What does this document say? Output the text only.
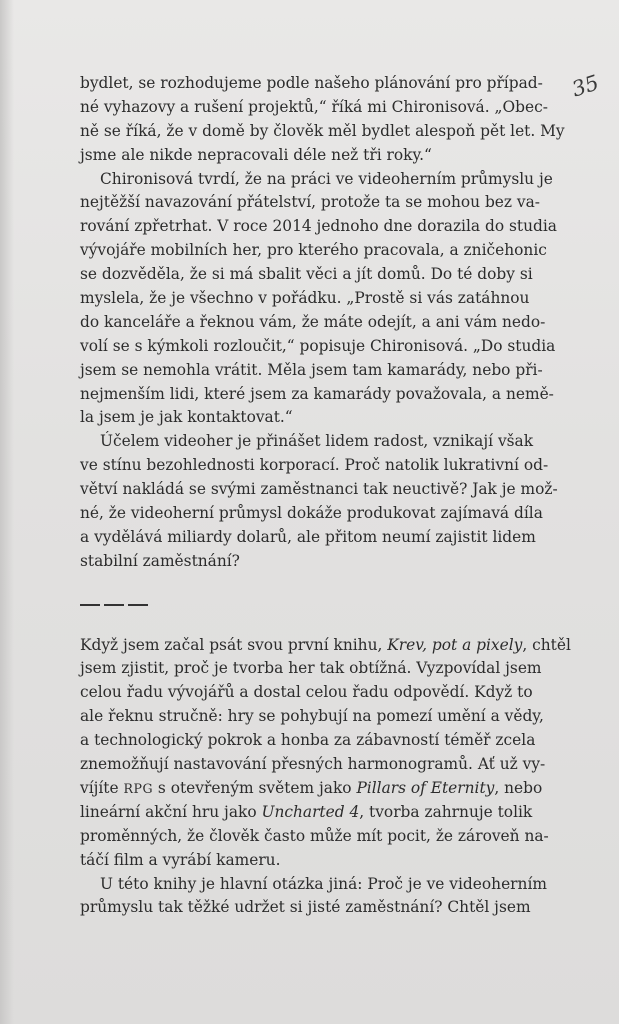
35
bydlet, se rozhodujeme podle našeho plánování pro případ-
né vyhazovy a rušení projektů,“ říká mi Chironisová. „Obec-
ně se říká, že v domě by člověk měl bydlet alespoň pět let. My
jsme ale nikde nepracovali déle než tři roky.“
Chironisová tvrdí, že na práci ve videoherním průmyslu je
nejtěžší navazování přátelství, protože ta se mohou bez va-
rování zpřetrhat. V roce 2014 jednoho dne dorazila do studia
vývojáře mobilních her, pro kterého pracovala, a zničehonic
se dozvěděla, že si má sbalit věci a jít domů. Do té doby si
myslela, že je všechno v pořádku. „Prostě si vás zatáhnou
do kanceláře a řeknou vám, že máte odejít, a ani vám nedo-
volí se s kýmkoli rozloučit,“ popisuje Chironisová. „Do studia
jsem se nemohla vrátit. Měla jsem tam kamarády, nebo při-
nejmenším lidi, které jsem za kamarády považovala, a nemě-
la jsem je jak kontaktovat.“
Účelem videoher je přinášet lidem radost, vznikají však
ve stínu bezohlednosti korporací. Proč natolik lukrativní od-
větví nakládá se svými zaměstnanci tak neuctivě? Jak je mož-
né, že videoherní průmysl dokáže produkovat zajímavá díla
a vydělává miliardy dolarů, ale přitom neumí zajistit lidem
stabilní zaměstnání?
Když jsem začal psát svou první knihu, Krev, pot a pixely, chtěl
jsem zjistit, proč je tvorba her tak obtížná. Vyzpovídal jsem
celou řadu vývojářů a dostal celou řadu odpovědí. Když to
ale řeknu stručně: hry se pohybují na pomezí umění a vědy,
a technologický pokrok a honba za zábavností téměř zcela
znemožňují nastavování přesných harmonogramů. Ať už vy-
víjíte RPG s otevřeným světem jako Pillars of Eternity, nebo
lineární akční hru jako Uncharted 4, tvorba zahrnuje tolik
proměnných, že člověk často může mít pocit, že zároveň na-
táčí film a vyrábí kameru.
U této knihy je hlavní otázka jiná: Proč je ve videoherním
průmyslu tak těžké udržet si jisté zaměstnání? Chtěl jsem
